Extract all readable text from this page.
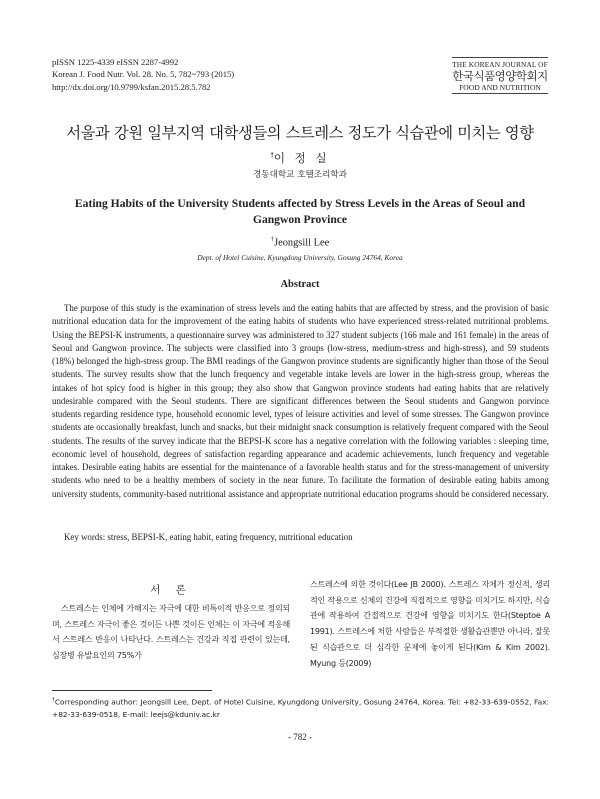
pISSN 1225-4339 eISSN 2287-4992
Korean J. Food Nutr. Vol. 28. No. 5, 782~793 (2015)
http://dx.doi.org/10.9799/ksfan.2015.28.5.782
THE KOREAN JOURNAL OF
한국식품영양학회지
FOOD AND NUTRITION
서울과 강원 일부지역 대학생들의 스트레스 정도가 식습관에 미치는 영향
†이 정 실
경동대학교 호텔조리학과
Eating Habits of the University Students affected by Stress Levels in the Areas of Seoul and Gangwon Province
†Jeongsill Lee
Dept. of Hotel Cuisine, Kyungdong University, Gosung 24764, Korea
Abstract

The purpose of this study is the examination of stress levels and the eating habits that are affected by stress, and the provision of basic nutritional education data for the improvement of the eating habits of students who have experienced stress-related nutritional problems. Using the BEPSI-K instruments, a questionnaire survey was administered to 327 student subjects (166 male and 161 female) in the areas of Seoul and Gangwon province. The subjects were classified into 3 groups (low-stress, medium-stress and high-stress), and 59 students (18%) belonged the high-stress group. The BMI readings of the Gangwon province students are significantly higher than those of the Seoul students. The survey results show that the lunch frequency and vegetable intake levels are lower in the high-stress group, whereas the intakes of hot spicy food is higher in this group; they also show that Gangwon province students had eating habits that are relatively undesirable compared with the Seoul students. There are significant differences between the Seoul students and Gangwon porvince students regarding residence type, household economic level, types of leisure activities and level of some stresses. The Gangwon province students ate occasionally breakfast, lunch and snacks, but their midnight snack consumption is relatively frequent compared with the Seoul students. The results of the survey indicate that the BEPSI-K score has a negative correlation with the following variables : sleeping time, economic level of household, degrees of satisfaction regarding appearance and academic achievements, lunch frequency and vegetable intakes. Desirable eating habits are essential for the maintenance of a favorable health status and for the stress-management of university students who need to be a healthy members of society in the near future. To facilitate the formation of desirable eating habits among university students, community-based nutritional assistance and appropriate nutritional education programs should be considered necessary.

Key words: stress, BEPSI-K, eating habit, eating frequency, nutritional education
서 론

스트레스는 인체에 가해지는 자극에 대한 비특이적 반응으로 정의되며, 스트레스 자극이 좋은 것이든 나쁜 것이든 인체는 이 자극에 적응해서 스트레스 반응이 나타난다. 스트레스는 건강과 직접 관련이 있는데, 심장병 유발요인의 75%가

스트레스에 의한 것이다(Lee JB 2000). 스트레스 자체가 정신적, 생리적인 작용으로 신체의 건강에 직접적으로 영향을 미치기도 하지만, 식습관에 작용하여 간접적으로 건강에 영향을 미치기도 한다(Steptoe A 1991). 스트레스에 처한 사람들은 부적절한 생활습관뿐만 아니라, 잘못된 식습관으로 더 심각한 문제에 놓이게 된다(Kim & Kim 2002). Myung 등(2009)

†Corresponding author: Jeongsill Lee, Dept. of Hotel Cuisine, Kyungdong University, Gosung 24764, Korea. Tel: +82-33-639-0552, Fax: +82-33-639-0518, E-mail: leejs@kduniv.ac.kr

- 782 -
